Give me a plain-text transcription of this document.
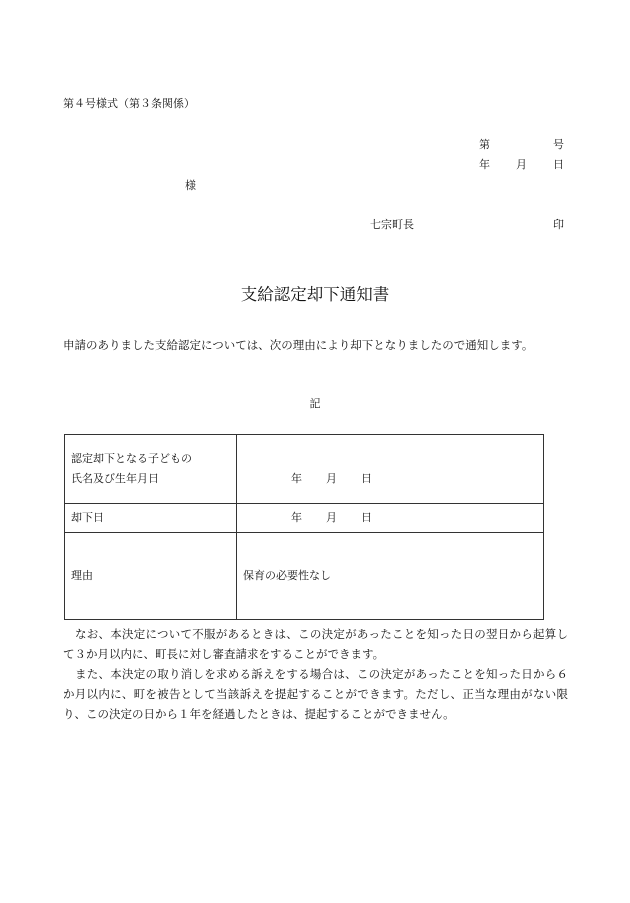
第４号様式（第３条関係）
第	号
年 月 日
様
七宗町長	印
支給認定却下通知書
申請のありました支給認定については、次の理由により却下となりましたので通知します。
記
認定却下となる子どもの
氏名及び生年月日	年 月 日
却下日	年 月 日
理由	保育の必要性なし
なお、本決定について不服があるときは、この決定があったことを知った日の翌日から起算して３か月以内に、町長に対し審査請求をすることができます。
また、本決定の取り消しを求める訴えをする場合は、この決定があったことを知った日から６か月以内に、町を被告として当該訴えを提起することができます。ただし、正当な理由がない限り、この決定の日から１年を経過したときは、提起することができません。
